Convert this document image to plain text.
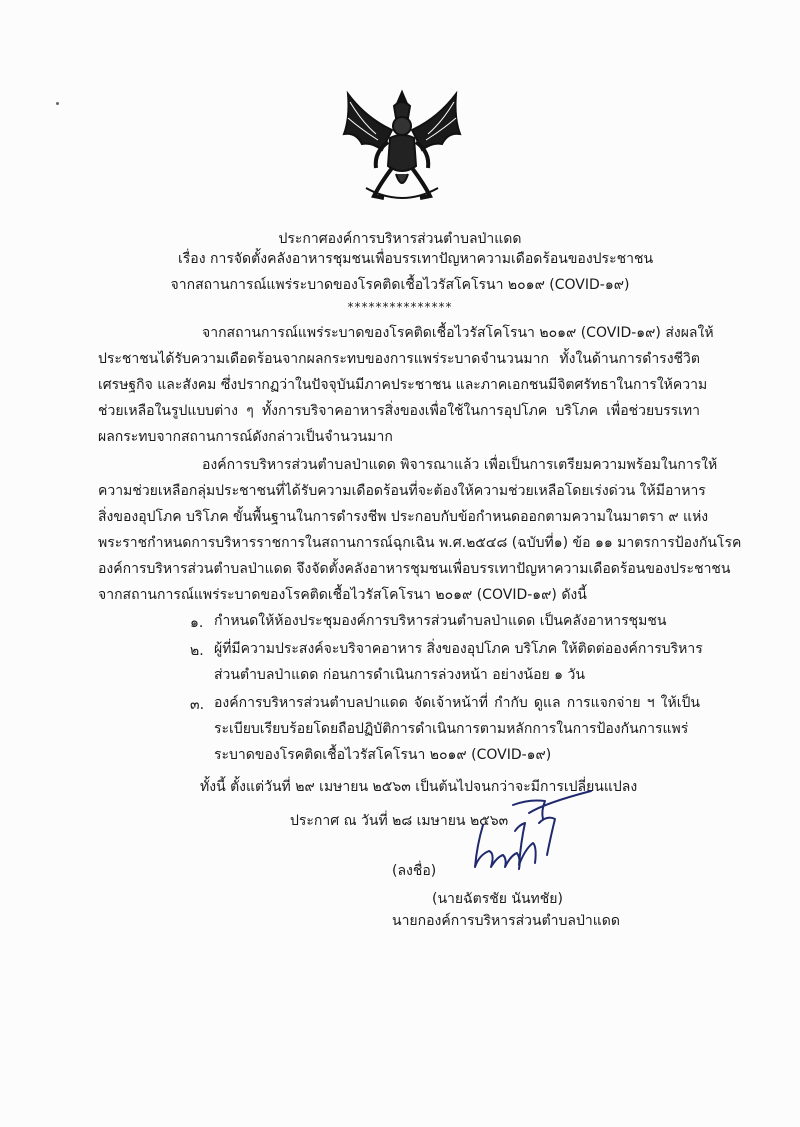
ประกาศองค์การบริหารส่วนตำบลป่าแดด
เรื่อง การจัดตั้งคลังอาหารชุมชนเพื่อบรรเทาปัญหาความเดือดร้อนของประชาชน
จากสถานการณ์แพร่ระบาดของโรคติดเชื้อไวรัสโคโรนา ๒๐๑๙ (COVID-๑๙)
***************
จากสถานการณ์แพร่ระบาดของโรคติดเชื้อไวรัสโคโรนา ๒๐๑๙ (COVID-๑๙) ส่งผลให้
ประชาชนได้รับความเดือดร้อนจากผลกระทบของการแพร่ระบาดจำนวนมาก ทั้งในด้านการดำรงชีวิต
เศรษฐกิจ และสังคม ซึ่งปรากฏว่าในปัจจุบันมีภาคประชาชน และภาคเอกชนมีจิตศรัทธาในการให้ความ
ช่วยเหลือในรูปแบบต่าง ๆ ทั้งการบริจาคอาหารสิ่งของเพื่อใช้ในการอุปโภค บริโภค เพื่อช่วยบรรเทา
ผลกระทบจากสถานการณ์ดังกล่าวเป็นจำนวนมาก
องค์การบริหารส่วนตำบลป่าแดด พิจารณาแล้ว เพื่อเป็นการเตรียมความพร้อมในการให้
ความช่วยเหลือกลุ่มประชาชนที่ได้รับความเดือดร้อนที่จะต้องให้ความช่วยเหลือโดยเร่งด่วน ให้มีอาหาร
สิ่งของอุปโภค บริโภค ขั้นพื้นฐานในการดำรงชีพ ประกอบกับข้อกำหนดออกตามความในมาตรา ๙ แห่ง
พระราชกำหนดการบริหารราชการในสถานการณ์ฉุกเฉิน พ.ศ.๒๕๔๘ (ฉบับที่๑) ข้อ ๑๑ มาตรการป้องกันโรค
องค์การบริหารส่วนตำบลป่าแดด จึงจัดตั้งคลังอาหารชุมชนเพื่อบรรเทาปัญหาความเดือดร้อนของประชาชน
จากสถานการณ์แพร่ระบาดของโรคติดเชื้อไวรัสโคโรนา ๒๐๑๙ (COVID-๑๙) ดังนี้
๑. กำหนดให้ห้องประชุมองค์การบริหารส่วนตำบลป่าแดด เป็นคลังอาหารชุมชน
๒. ผู้ที่มีความประสงค์จะบริจาคอาหาร สิ่งของอุปโภค บริโภค ให้ติดต่อองค์การบริหาร
ส่วนตำบลป่าแดด ก่อนการดำเนินการล่วงหน้า อย่างน้อย ๑ วัน
๓. องค์การบริหารส่วนตำบลปาแดด จัดเจ้าหน้าที่ กำกับ ดูแล การแจกจ่าย ฯ ให้เป็น
ระเบียบเรียบร้อยโดยถือปฏิบัติการดำเนินการตามหลักการในการป้องกันการแพร่
ระบาดของโรคติดเชื้อไวรัสโคโรนา ๒๐๑๙ (COVID-๑๙)
ทั้งนี้ ตั้งแต่วันที่ ๒๙ เมษายน ๒๕๖๓ เป็นต้นไปจนกว่าจะมีการเปลี่ยนแปลง
ประกาศ ณ วันที่ ๒๘ เมษายน ๒๕๖๓
(ลงชื่อ)
(นายฉัตรชัย นันทชัย)
นายกองค์การบริหารส่วนตำบลป่าแดด
